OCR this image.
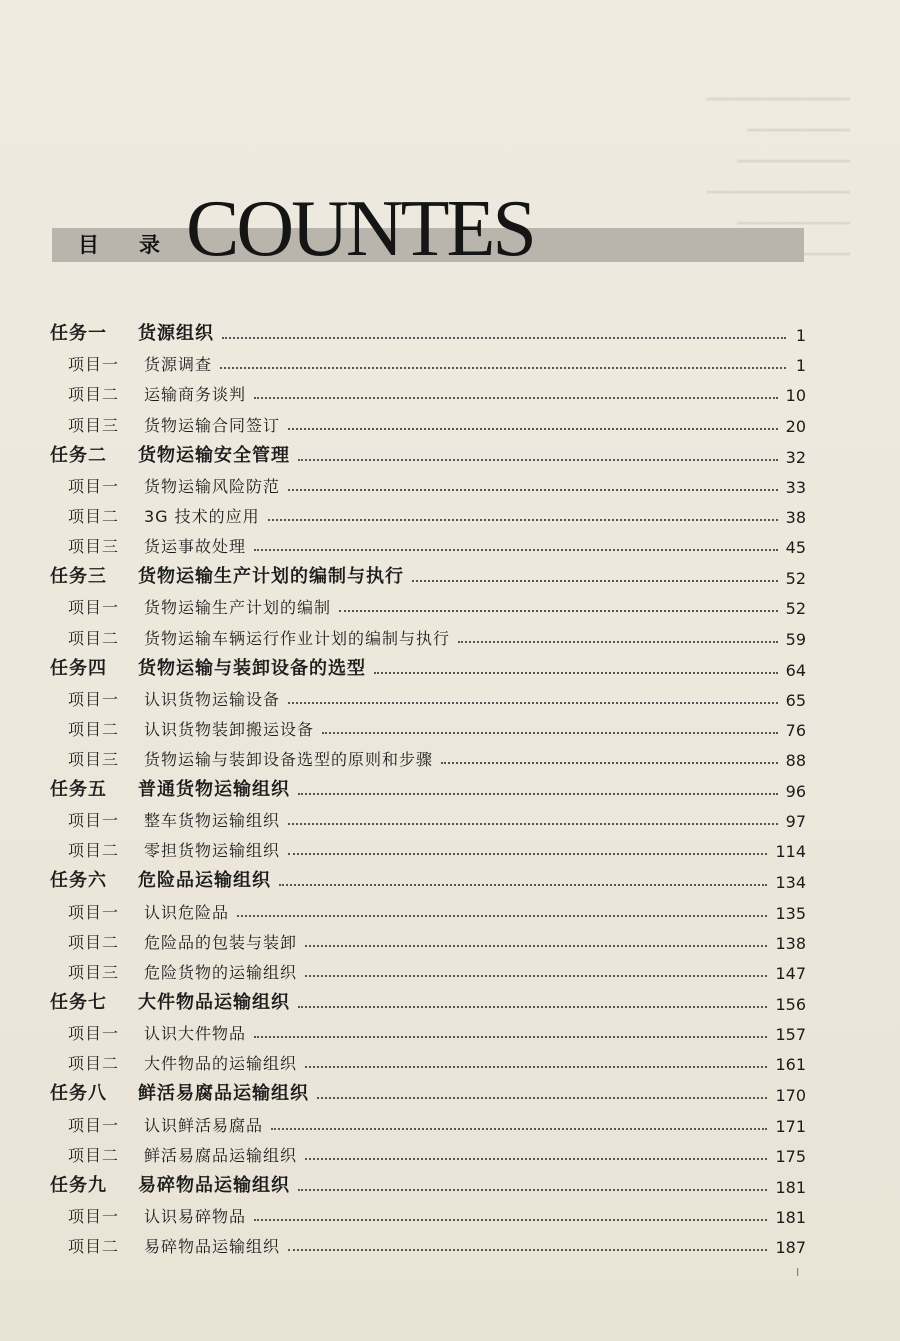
━━━━━━━━━━━━━━
━━━━━━━━━━
━━━━━━━━━━━
━━━━━━━━━━━━━━
━━━━━━━━━━━
目录
COUNTES
任务一	货源组织	1
项目一	货源调查	1
项目二	运输商务谈判	10
项目三	货物运输合同签订	20
任务二	货物运输安全管理	32
项目一	货物运输风险防范	33
项目二	3G 技术的应用	38
项目三	货运事故处理	45
任务三	货物运输生产计划的编制与执行	52
项目一	货物运输生产计划的编制	52
项目二	货物运输车辆运行作业计划的编制与执行	59
任务四	货物运输与装卸设备的选型	64
项目一	认识货物运输设备	65
项目二	认识货物装卸搬运设备	76
项目三	货物运输与装卸设备选型的原则和步骤	88
任务五	普通货物运输组织	96
项目一	整车货物运输组织	97
项目二	零担货物运输组织	114
任务六	危险品运输组织	134
项目一	认识危险品	135
项目二	危险品的包装与装卸	138
项目三	危险货物的运输组织	147
任务七	大件物品运输组织	156
项目一	认识大件物品	157
项目二	大件物品的运输组织	161
任务八	鲜活易腐品运输组织	170
项目一	认识鲜活易腐品	171
项目二	鲜活易腐品运输组织	175
任务九	易碎物品运输组织	181
项目一	认识易碎物品	181
项目二	易碎物品运输组织	187
I
